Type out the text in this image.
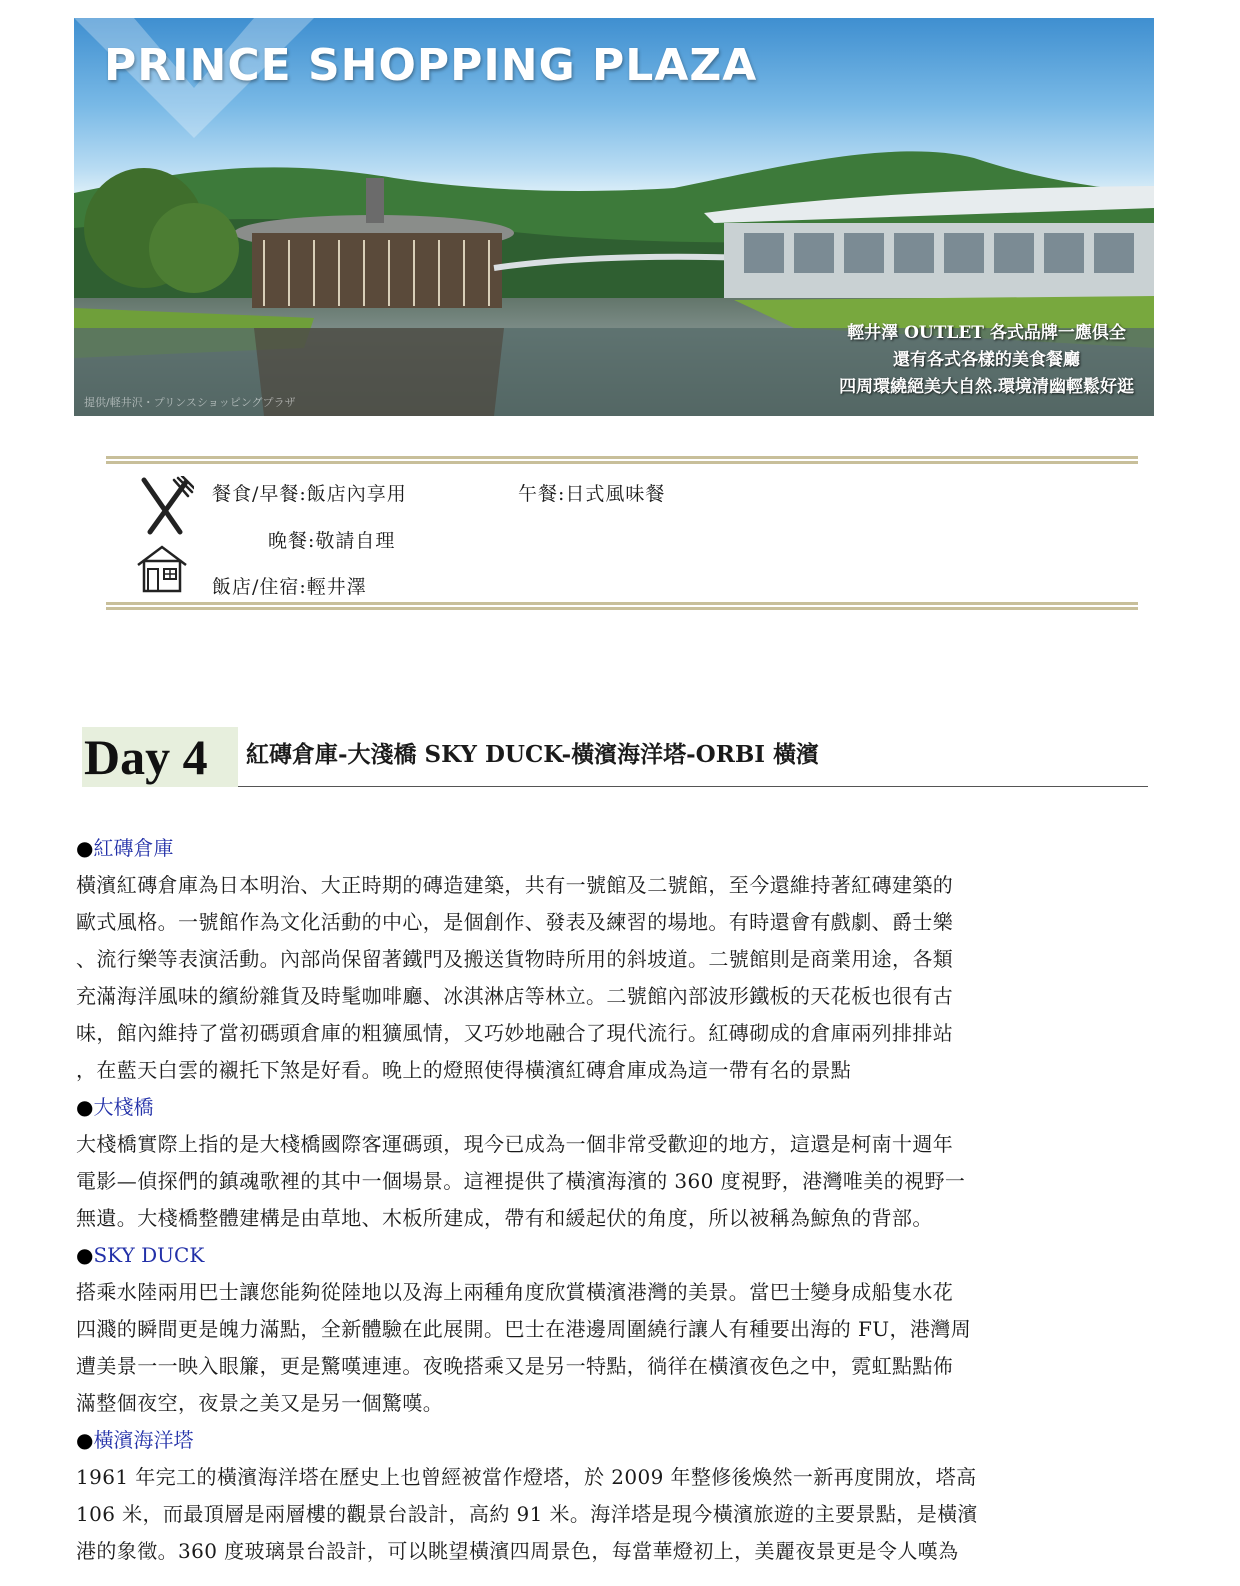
PRINCE SHOPPING PLAZA
輕井澤 OUTLET 各式品牌一應俱全
還有各式各樣的美食餐廳
四周環繞絕美大自然.環境清幽輕鬆好逛
提供/軽井沢・プリンスショッピングプラザ
餐食/早餐:飯店內享用	午餐:日式風味餐
晚餐:敬請自理
飯店/住宿:輕井澤
Day 4 紅磚倉庫-大淺橋 SKY DUCK-橫濱海洋塔-ORBI 橫濱
●紅磚倉庫
橫濱紅磚倉庫為日本明治、大正時期的磚造建築，共有一號館及二號館，至今還維持著紅磚建築的
歐式風格。一號館作為文化活動的中心，是個創作、發表及練習的場地。有時還會有戲劇、爵士樂
、流行樂等表演活動。內部尚保留著鐵門及搬送貨物時所用的斜坡道。二號館則是商業用途，各類
充滿海洋風味的繽紛雜貨及時髦咖啡廳、冰淇淋店等林立。二號館內部波形鐵板的天花板也很有古
味，館內維持了當初碼頭倉庫的粗獷風情，又巧妙地融合了現代流行。紅磚砌成的倉庫兩列排排站
，在藍天白雲的襯托下煞是好看。晚上的燈照使得橫濱紅磚倉庫成為這一帶有名的景點
●大棧橋
大棧橋實際上指的是大棧橋國際客運碼頭，現今已成為一個非常受歡迎的地方，這還是柯南十週年
電影—偵探們的鎮魂歌裡的其中一個場景。這裡提供了橫濱海濱的 360 度視野，港灣唯美的視野一
無遺。大棧橋整體建構是由草地、木板所建成，帶有和緩起伏的角度，所以被稱為鯨魚的背部。
●SKY DUCK
搭乘水陸兩用巴士讓您能夠從陸地以及海上兩種角度欣賞橫濱港灣的美景。當巴士變身成船隻水花
四濺的瞬間更是魄力滿點，全新體驗在此展開。巴士在港邊周圍繞行讓人有種要出海的 FU，港灣周
遭美景一一映入眼簾，更是驚嘆連連。夜晚搭乘又是另一特點，徜徉在橫濱夜色之中，霓虹點點佈
滿整個夜空，夜景之美又是另一個驚嘆。
●橫濱海洋塔
1961 年完工的橫濱海洋塔在歷史上也曾經被當作燈塔，於 2009 年整修後煥然一新再度開放，塔高
106 米，而最頂層是兩層樓的觀景台設計，高約 91 米。海洋塔是現今橫濱旅遊的主要景點，是橫濱
港的象徵。360 度玻璃景台設計，可以眺望橫濱四周景色，每當華燈初上，美麗夜景更是令人嘆為
